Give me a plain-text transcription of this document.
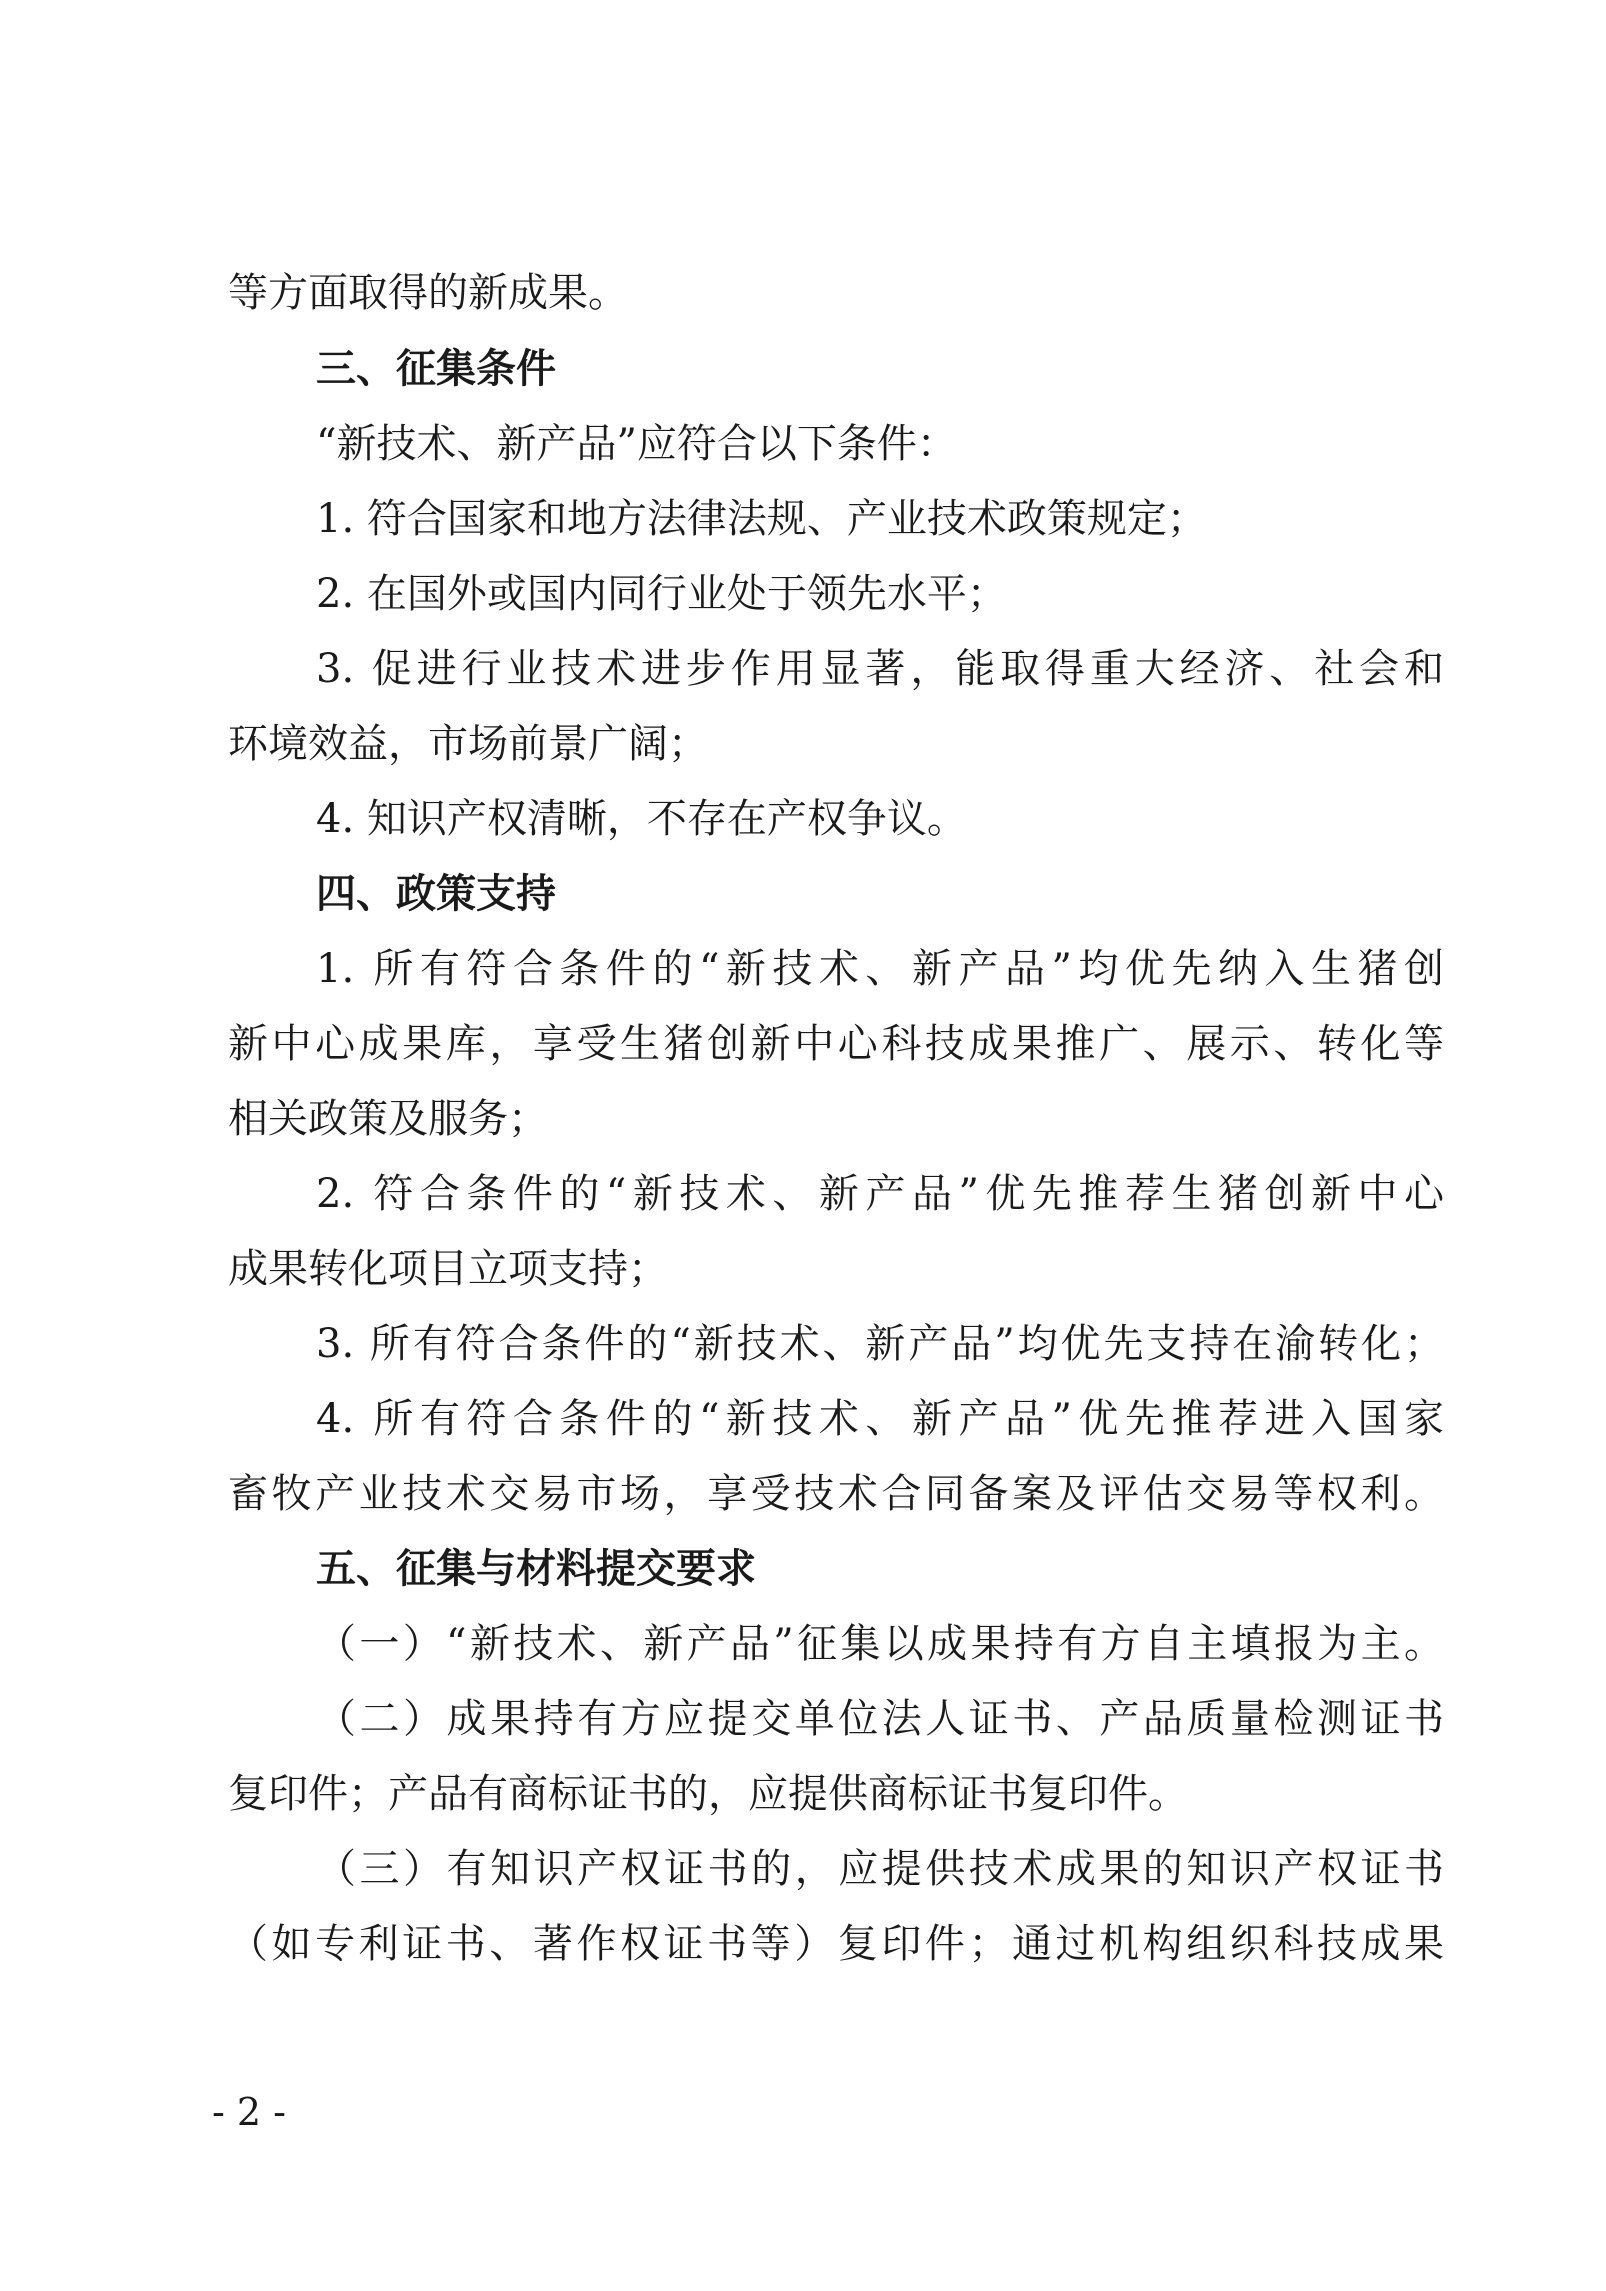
等方面取得的新成果。
三、征集条件
“新技术、新产品”应符合以下条件：
1. 符合国家和地方法律法规、产业技术政策规定；
2. 在国外或国内同行业处于领先水平；
3. 促进行业技术进步作用显著，能取得重大经济、社会和
环境效益，市场前景广阔；
4. 知识产权清晰，不存在产权争议。
四、政策支持
1. 所有符合条件的“新技术、新产品”均优先纳入生猪创
新中心成果库，享受生猪创新中心科技成果推广、展示、转化等
相关政策及服务；
2. 符合条件的“新技术、新产品”优先推荐生猪创新中心
成果转化项目立项支持；
3. 所有符合条件的“新技术、新产品”均优先支持在渝转化；
4. 所有符合条件的“新技术、新产品”优先推荐进入国家
畜牧产业技术交易市场，享受技术合同备案及评估交易等权利。
五、征集与材料提交要求
（一）“新技术、新产品”征集以成果持有方自主填报为主。
（二）成果持有方应提交单位法人证书、产品质量检测证书
复印件；产品有商标证书的，应提供商标证书复印件。
（三）有知识产权证书的，应提供技术成果的知识产权证书
（如专利证书、著作权证书等）复印件；通过机构组织科技成果
- 2 -
